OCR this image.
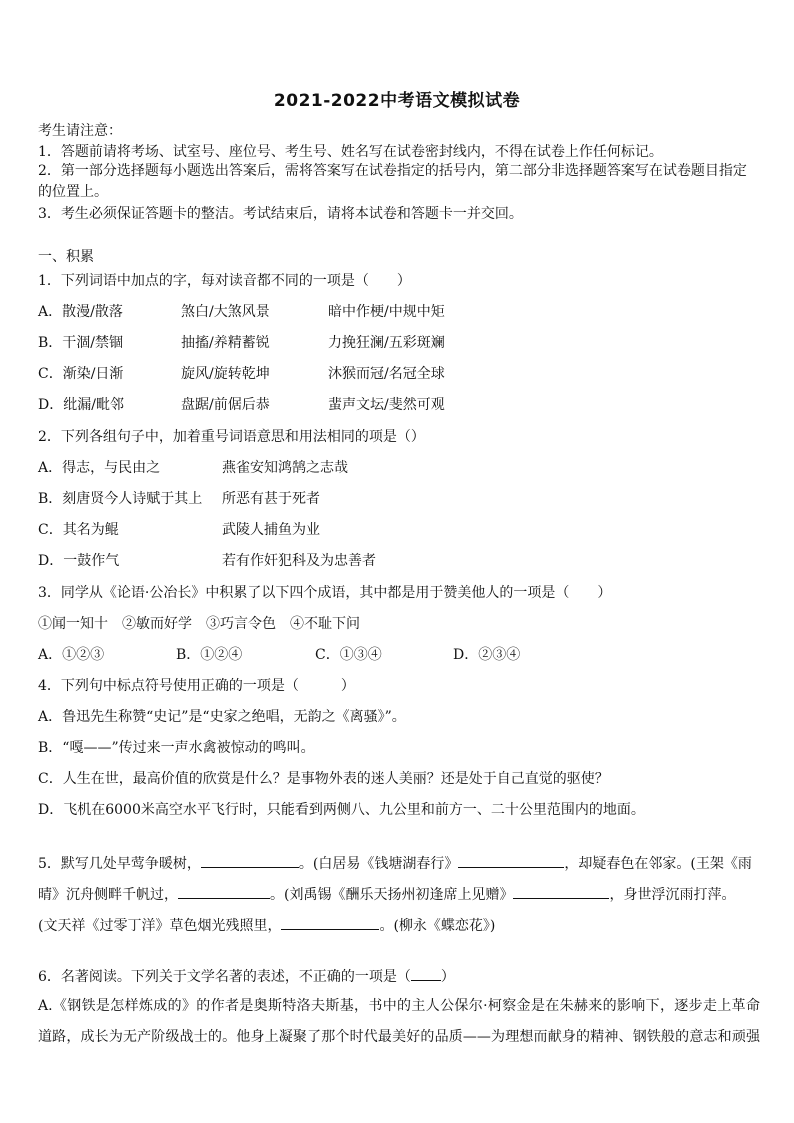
2021-2022中考语文模拟试卷
考生请注意：
1．答题前请将考场、试室号、座位号、考生号、姓名写在试卷密封线内，不得在试卷上作任何标记。
2．第一部分选择题每小题选出答案后，需将答案写在试卷指定的括号内，第二部分非选择题答案写在试卷题目指定的位置上。
3．考生必须保证答题卡的整洁。考试结束后，请将本试卷和答题卡一并交回。
一、积累
1．下列词语中加点的字，每对读音都不同的一项是（　　）
A．散漫/散落	煞白/大煞风景	暗中作梗/中规中矩
B．干涸/禁锢	抽搐/养精蓄锐	力挽狂澜/五彩斑斓
C．渐染/日渐	旋风/旋转乾坤	沐猴而冠/名冠全球
D．纰漏/毗邻	盘踞/前倨后恭	蜚声文坛/斐然可观
2．下列各组句子中，加着重号词语意思和用法相同的项是（）
A．得志，与民由之	燕雀安知鸿鹄之志哉
B．刻唐贤今人诗赋于其上 所恶有甚于死者
C．其名为鲲	武陵人捕鱼为业
D．一鼓作气	若有作奸犯科及为忠善者
3．同学从《论语·公冶长》中积累了以下四个成语，其中都是用于赞美他人的一项是（　　）
①闻一知十　②敏而好学　③巧言令色　④不耻下问
A．①②③	B．①②④	C．①③④	D．②③④
4．下列句中标点符号使用正确的一项是（　　　）
A．鲁迅先生称赞“史记”是“史家之绝唱，无韵之《离骚》”。
B．“嘎——”传过来一声水禽被惊动的鸣叫。
C．人生在世，最高价值的欣赏是什么？是事物外表的迷人美丽？还是处于自己直觉的驱使？
D．飞机在6000米高空水平飞行时，只能看到两侧八、九公里和前方一、二十公里范围内的地面。
5．默写几处早莺争暖树，	。(白居易《钱塘湖春行》	，却疑春色在邻家。(王架《雨
晴》沉舟侧畔千帆过，	。(刘禹锡《酬乐天扬州初逢席上见赠》	，身世浮沉雨打萍。
(文天祥《过零丁洋》草色烟光残照里，	。(柳永《蝶恋花》)
6．名著阅读。下列关于文学名著的表述，不正确的一项是（ ）
A.《钢铁是怎样炼成的》的作者是奥斯特洛夫斯基，书中的主人公保尔·柯察金是在朱赫来的影响下，逐步走上革命
道路，成长为无产阶级战士的。他身上凝聚了那个时代最美好的品质——为理想而献身的精神、钢铁般的意志和顽强
